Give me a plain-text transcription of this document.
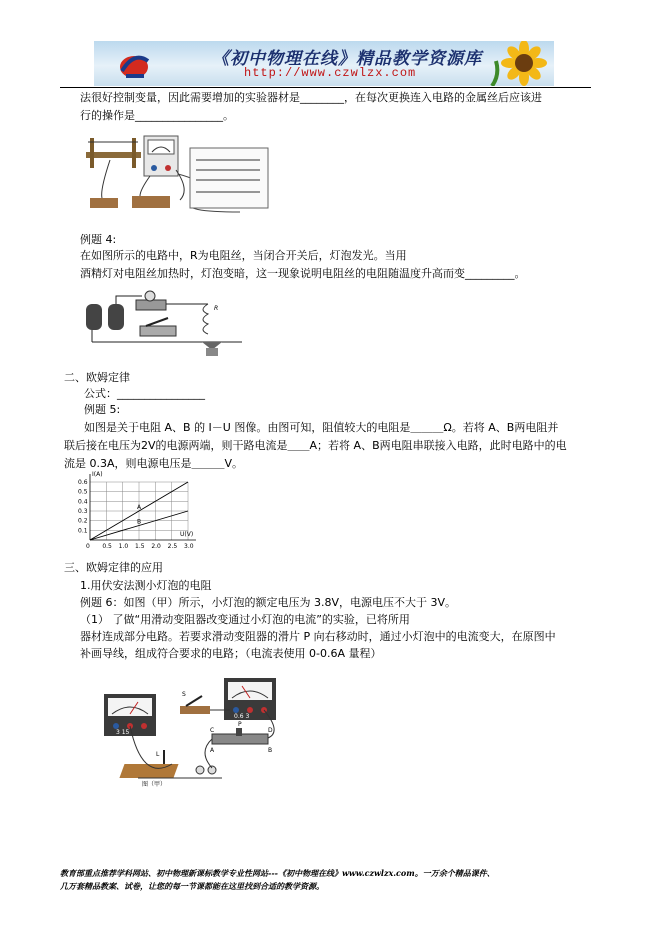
《初中物理在线》精品教学资源库
http://www.czwlzx.com
法很好控制变量，因此需要增加的实验器材是________，在每次更换连入电路的金属丝后应该进
行的操作是________________。
例题 4:
在如图所示的电路中，R为电阻丝，当闭合开关后，灯泡发光。当用
酒精灯对电阻丝加热时，灯泡变暗，这一现象说明电阻丝的电阻随温度升高而变_________。
R
二、欧姆定律
公式：________________
例题 5:
如图是关于电阻 A、B 的 I－U 图像。由图可知，阻值较大的电阻是＿＿＿Ω。若将 A、B两电阻并
联后接在电压为2V的电源两端，则干路电流是＿＿A；若将 A、B两电阻串联接入电路，此时电路中的电
流是 0.3A，则电源电压是＿＿＿V。
0 0.5 1.0 1.5 2.0 2.5 3.0
0.1
0.2
0.3
0.4
0.5
0.6
A
B
I(A)
U(V)
三、欧姆定律的应用
1.用伏安法测小灯泡的电阻
例题 6：如图（甲）所示，小灯泡的额定电压为 3.8V，电源电压不大于 3V。
（1） 了做“用滑动变阻器改变通过小灯泡的电流”的实验，已将所用
器材连成部分电路。若要求滑动变阻器的滑片 P 向右移动时，通过小灯泡中的电流变大，在原图中
补画导线，组成符合要求的电路；（电流表使用 0-0.6A 量程）
3 15
S
0.6 3
C
P
D
A	B
L
图（甲）
教育部重点推荐学科网站、初中物理新课标教学专业性网站---《初中物理在线》www.czwlzx.com。一万余个精品课件、
几万套精品教案、试卷，让您的每一节课都能在这里找到合适的教学资源。
